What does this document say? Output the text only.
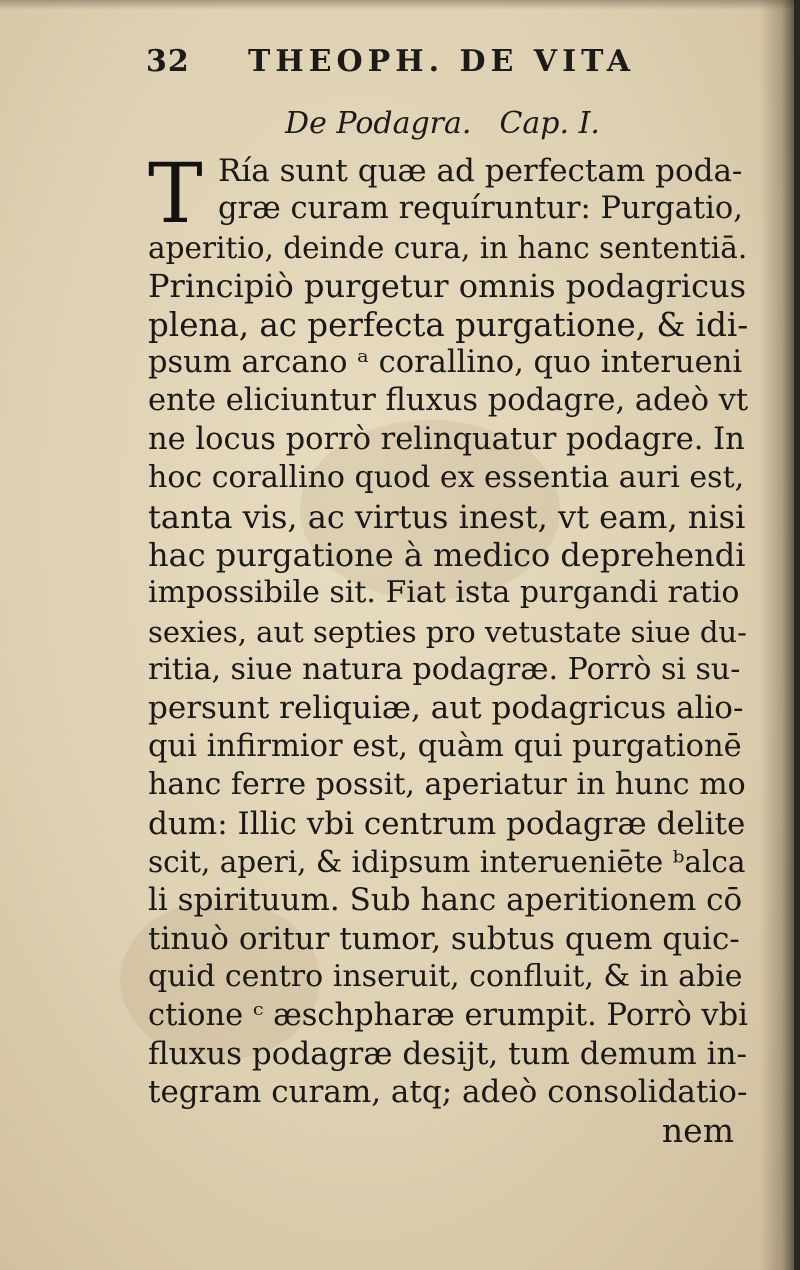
32 THEOPH. DE VITA
De Podagra. Cap. I.
T Ría sunt quæ ad perfectam poda-
græ curam requíruntur: Purgatio,
aperitio, deinde cura, in hanc sententiā.
Principiò purgetur omnis podagricus
plena, ac perfecta purgatione, & idi-
psum arcano ᵃ corallino, quo interueni
ente eliciuntur fluxus podagre, adeò vt
ne locus porrò relinquatur podagre. In
hoc corallino quod ex essentia auri est,
tanta vis, ac virtus inest, vt eam, nisi
hac purgatione à medico deprehendi
impossibile sit. Fiat ista purgandi ratio
sexies, aut septies pro vetustate siue du-
ritia, siue natura podagræ. Porrò si su-
persunt reliquiæ, aut podagricus alio-
qui infirmior est, quàm qui purgationē
hanc ferre possit, aperiatur in hunc mo
dum: Illic vbi centrum podagræ delite
scit, aperi, & idipsum interueniēte ᵇalca
li spirituum. Sub hanc aperitionem cō
tinuò oritur tumor, subtus quem quic-
quid centro inseruit, confluit, & in abie
ctione ᶜ æschpharæ erumpit. Porrò vbi
fluxus podagræ desijt, tum demum in-
tegram curam, atq; adeò consolidatio-
nem
